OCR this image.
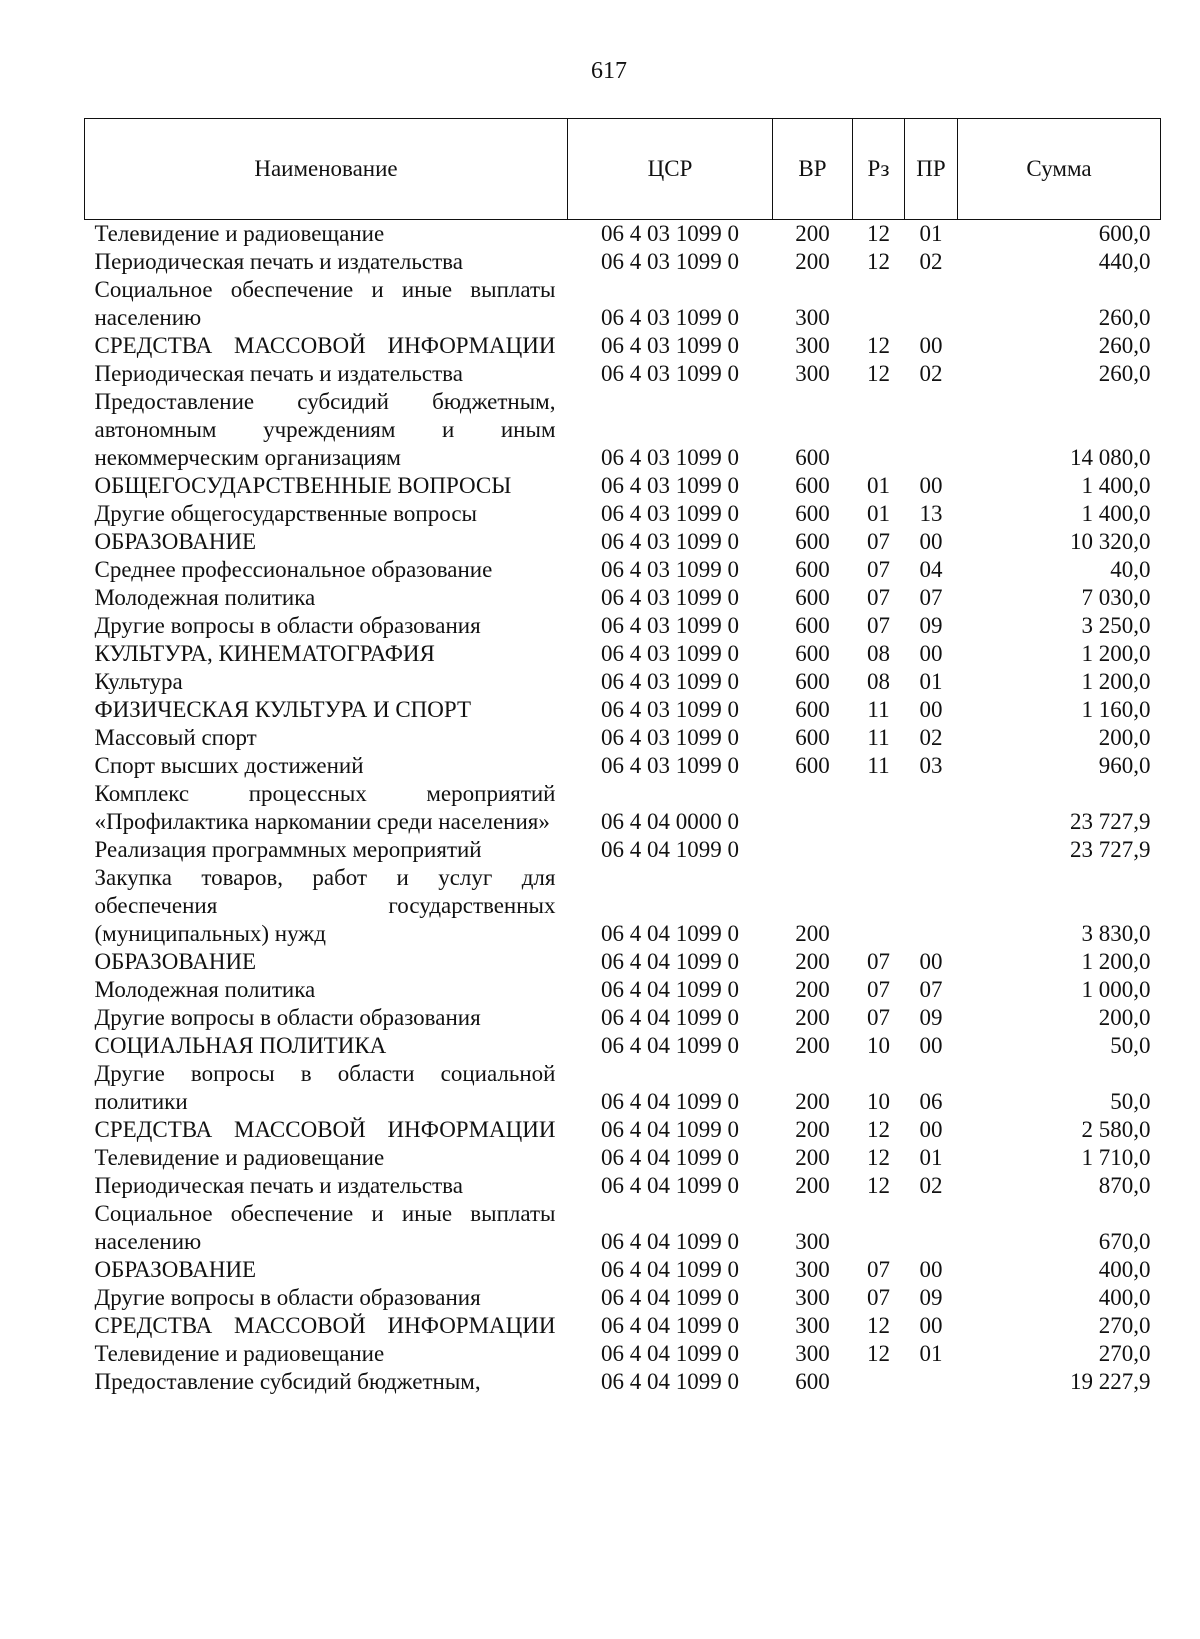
617
Наименование	ЦСР	ВР	Рз	ПР	Сумма
Телевидение и радиовещание	06 4 03 1099 0	200	12	01	600,0
Периодическая печать и издательства	06 4 03 1099 0	200	12	02	440,0
Социальное обеспечение и иные выплаты населению	06 4 03 1099 0	300			260,0
СРЕДСТВА МАССОВОЙ ИНФОРМАЦИИ	06 4 03 1099 0	300	12	00	260,0
Периодическая печать и издательства	06 4 03 1099 0	300	12	02	260,0
Предоставление субсидий бюджетным, автономным учреждениям и иным некоммерческим организациям	06 4 03 1099 0	600			14 080,0
ОБЩЕГОСУДАРСТВЕННЫЕ ВОПРОСЫ	06 4 03 1099 0	600	01	00	1 400,0
Другие общегосударственные вопросы	06 4 03 1099 0	600	01	13	1 400,0
ОБРАЗОВАНИЕ	06 4 03 1099 0	600	07	00	10 320,0
Среднее профессиональное образование	06 4 03 1099 0	600	07	04	40,0
Молодежная политика	06 4 03 1099 0	600	07	07	7 030,0
Другие вопросы в области образования	06 4 03 1099 0	600	07	09	3 250,0
КУЛЬТУРА, КИНЕМАТОГРАФИЯ	06 4 03 1099 0	600	08	00	1 200,0
Культура	06 4 03 1099 0	600	08	01	1 200,0
ФИЗИЧЕСКАЯ КУЛЬТУРА И СПОРТ	06 4 03 1099 0	600	11	00	1 160,0
Массовый спорт	06 4 03 1099 0	600	11	02	200,0
Спорт высших достижений	06 4 03 1099 0	600	11	03	960,0
Комплекс процессных мероприятий «Профилактика наркомании среди населения»	06 4 04 0000 0				23 727,9
Реализация программных мероприятий	06 4 04 1099 0				23 727,9
Закупка товаров, работ и услуг для обеспечения государственных (муниципальных) нужд	06 4 04 1099 0	200			3 830,0
ОБРАЗОВАНИЕ	06 4 04 1099 0	200	07	00	1 200,0
Молодежная политика	06 4 04 1099 0	200	07	07	1 000,0
Другие вопросы в области образования	06 4 04 1099 0	200	07	09	200,0
СОЦИАЛЬНАЯ ПОЛИТИКА	06 4 04 1099 0	200	10	00	50,0
Другие вопросы в области социальной политики	06 4 04 1099 0	200	10	06	50,0
СРЕДСТВА МАССОВОЙ ИНФОРМАЦИИ	06 4 04 1099 0	200	12	00	2 580,0
Телевидение и радиовещание	06 4 04 1099 0	200	12	01	1 710,0
Периодическая печать и издательства	06 4 04 1099 0	200	12	02	870,0
Социальное обеспечение и иные выплаты населению	06 4 04 1099 0	300			670,0
ОБРАЗОВАНИЕ	06 4 04 1099 0	300	07	00	400,0
Другие вопросы в области образования	06 4 04 1099 0	300	07	09	400,0
СРЕДСТВА МАССОВОЙ ИНФОРМАЦИИ	06 4 04 1099 0	300	12	00	270,0
Телевидение и радиовещание	06 4 04 1099 0	300	12	01	270,0
Предоставление субсидий бюджетным,	06 4 04 1099 0	600			19 227,9
